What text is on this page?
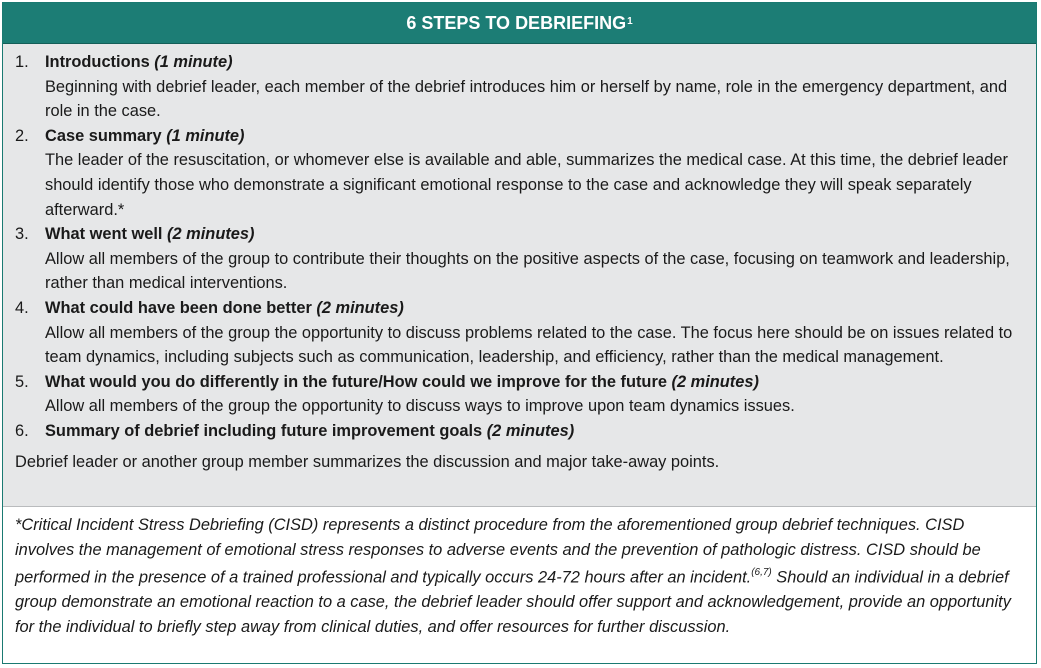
6 STEPS TO DEBRIEFING$^1$
1. Introductions (1 minute)
Beginning with debrief leader, each member of the debrief introduces him or herself by name, role in the emergency department, and role in the case.
2. Case summary (1 minute)
The leader of the resuscitation, or whomever else is available and able, summarizes the medical case. At this time, the debrief leader should identify those who demonstrate a significant emotional response to the case and acknowledge they will speak separately afterward.*
3. What went well (2 minutes)
Allow all members of the group to contribute their thoughts on the positive aspects of the case, focusing on teamwork and leadership, rather than medical interventions.
4. What could have been done better (2 minutes)
Allow all members of the group the opportunity to discuss problems related to the case. The focus here should be on issues related to team dynamics, including subjects such as communication, leadership, and efficiency, rather than the medical management.
5. What would you do differently in the future/How could we improve for the future (2 minutes)
Allow all members of the group the opportunity to discuss ways to improve upon team dynamics issues.
6. Summary of debrief including future improvement goals (2 minutes)
Debrief leader or another group member summarizes the discussion and major take-away points.
*Critical Incident Stress Debriefing (CISD) represents a distinct procedure from the aforementioned group debrief techniques. CISD involves the management of emotional stress responses to adverse events and the prevention of pathologic distress. CISD should be performed in the presence of a trained professional and typically occurs 24-72 hours after an incident.$^{(6,7)}$ Should an individual in a debrief group demonstrate an emotional reaction to a case, the debrief leader should offer support and acknowledgement, provide an opportunity for the individual to briefly step away from clinical duties, and offer resources for further discussion.
